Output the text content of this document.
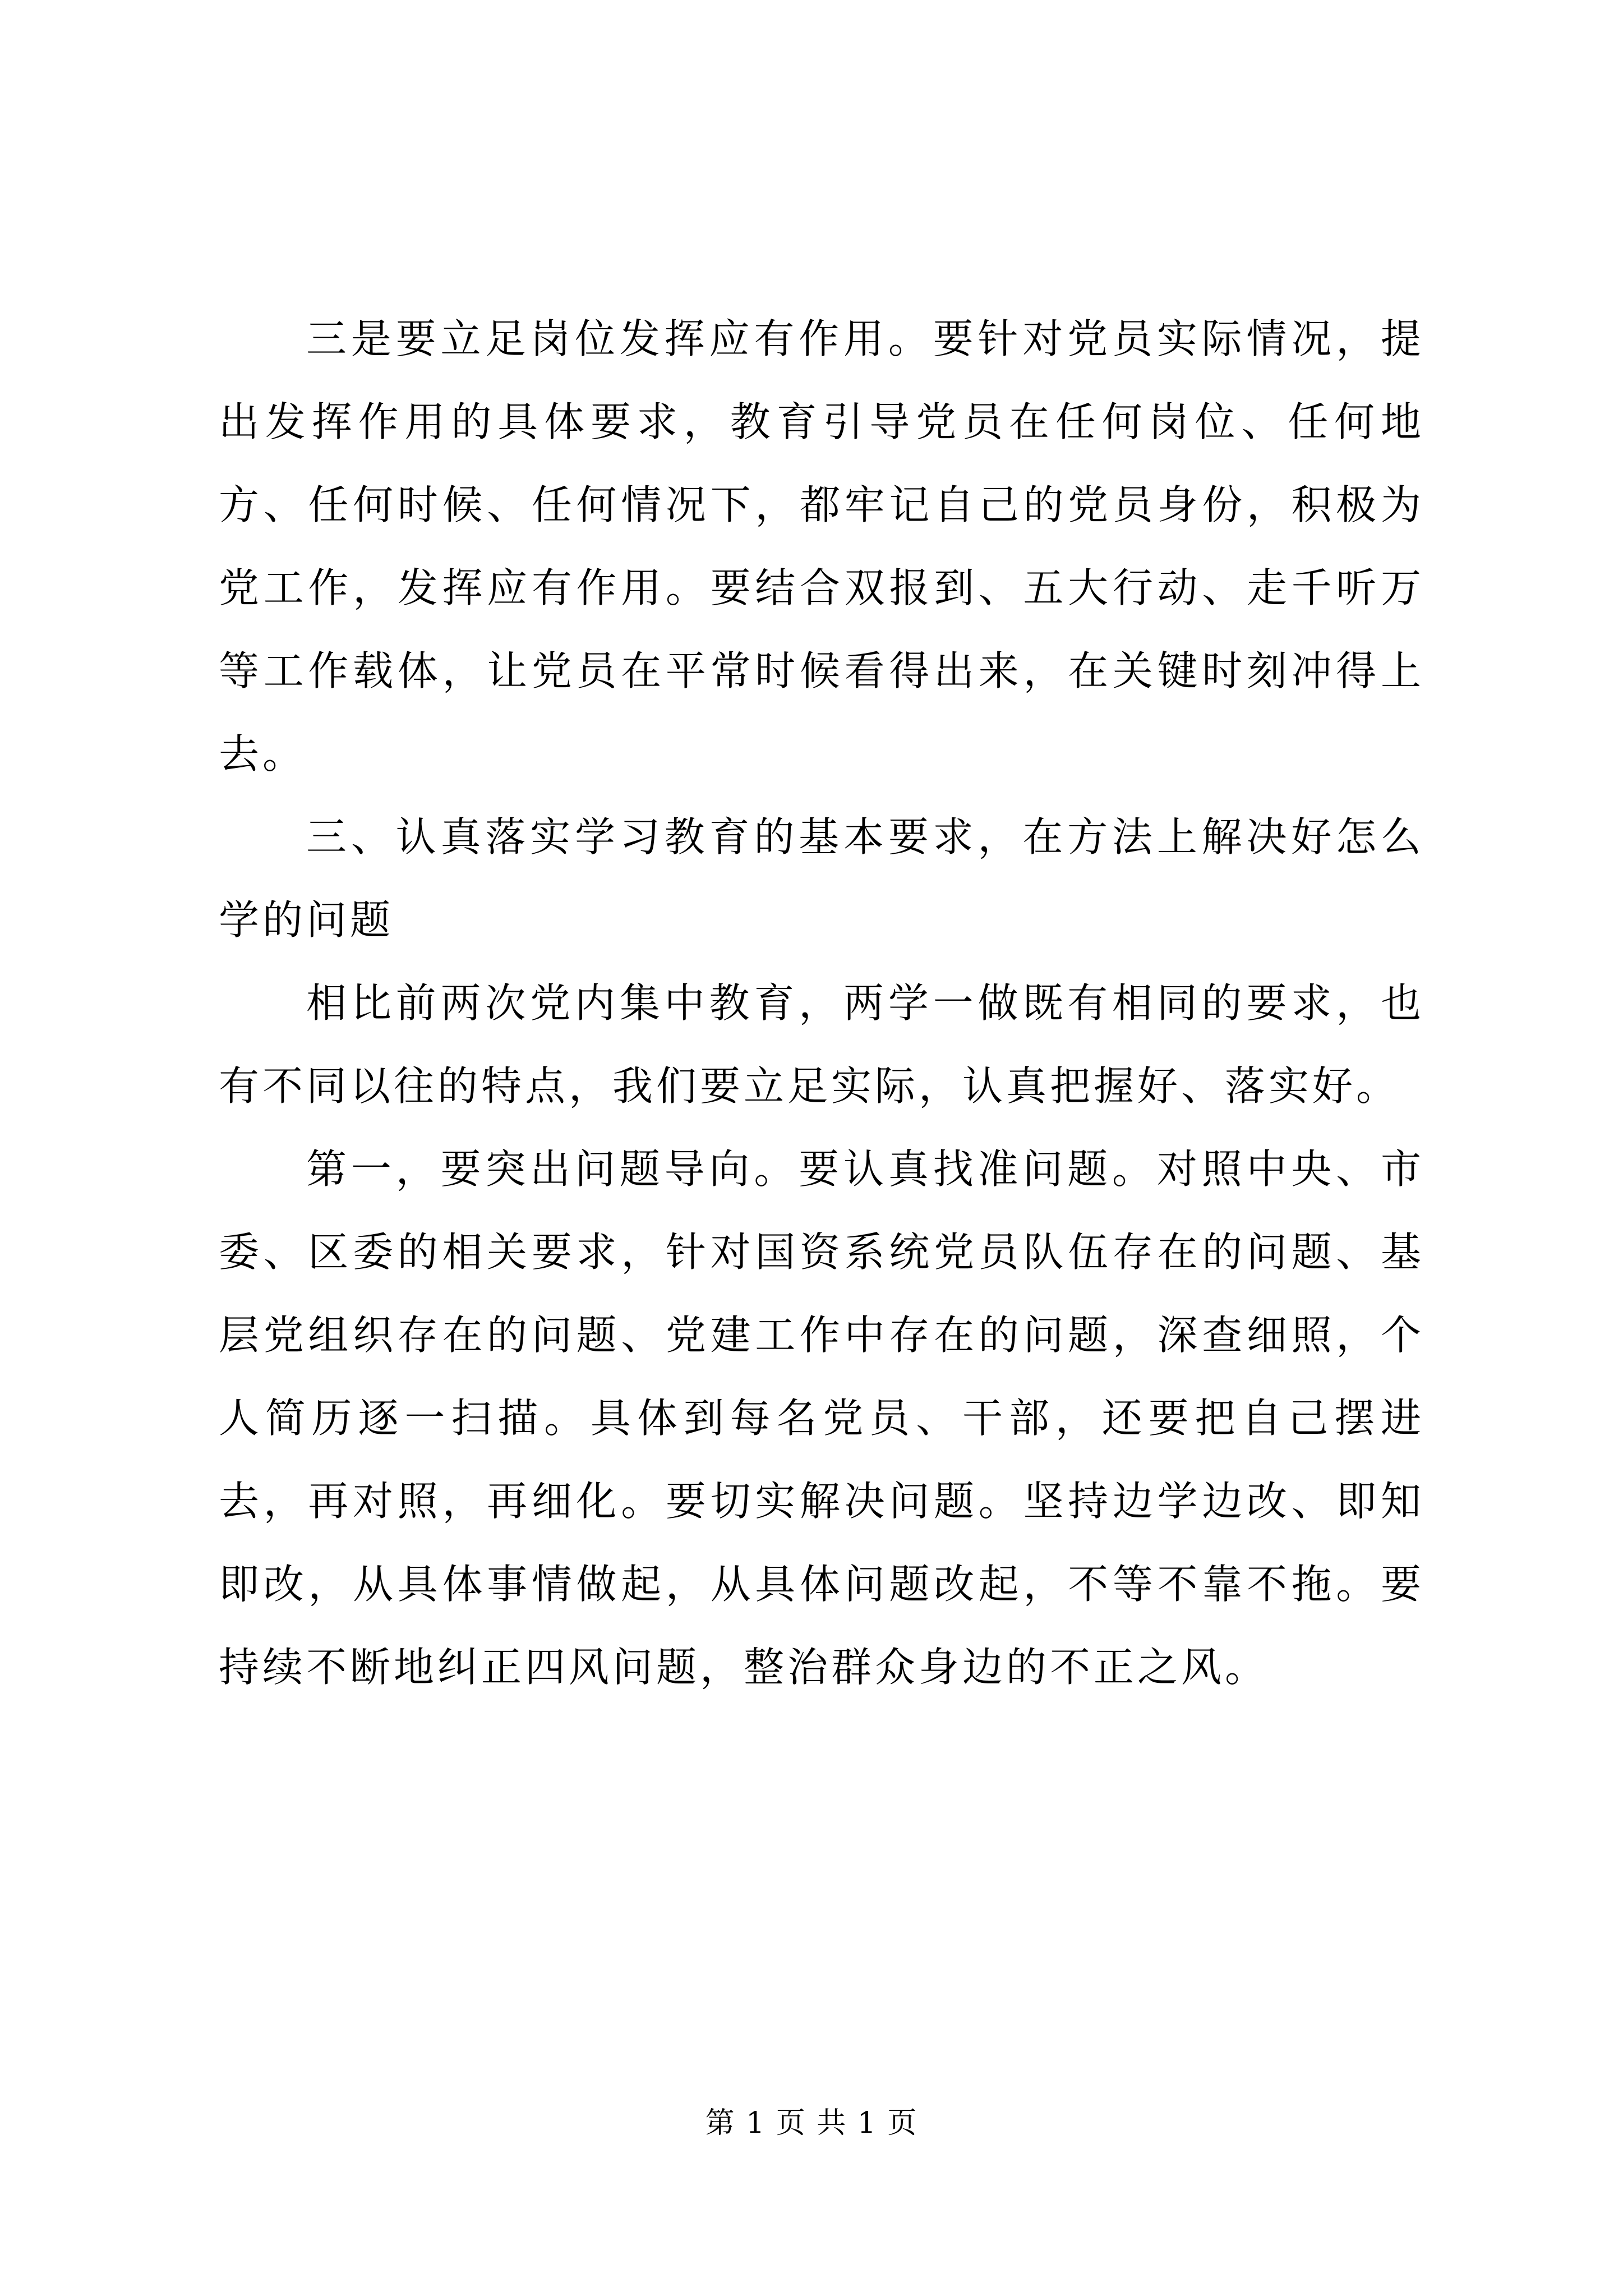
三是要立足岗位发挥应有作用。要针对党员实际情况，提出发挥作用的具体要求，教育引导党员在任何岗位、任何地方、任何时候、任何情况下，都牢记自己的党员身份，积极为党工作，发挥应有作用。要结合双报到、五大行动、走千听万等工作载体，让党员在平常时候看得出来，在关键时刻冲得上去。

三、认真落实学习教育的基本要求，在方法上解决好怎么学的问题

相比前两次党内集中教育，两学一做既有相同的要求，也有不同以往的特点，我们要立足实际，认真把握好、落实好。

第一，要突出问题导向。要认真找准问题。对照中央、市委、区委的相关要求，针对国资系统党员队伍存在的问题、基层党组织存在的问题、党建工作中存在的问题，深查细照，个人简历逐一扫描。具体到每名党员、干部，还要把自己摆进去，再对照，再细化。要切实解决问题。坚持边学边改、即知即改，从具体事情做起，从具体问题改起，不等不靠不拖。要持续不断地纠正四风问题，整治群众身边的不正之风。

第 1 页 共 1 页
